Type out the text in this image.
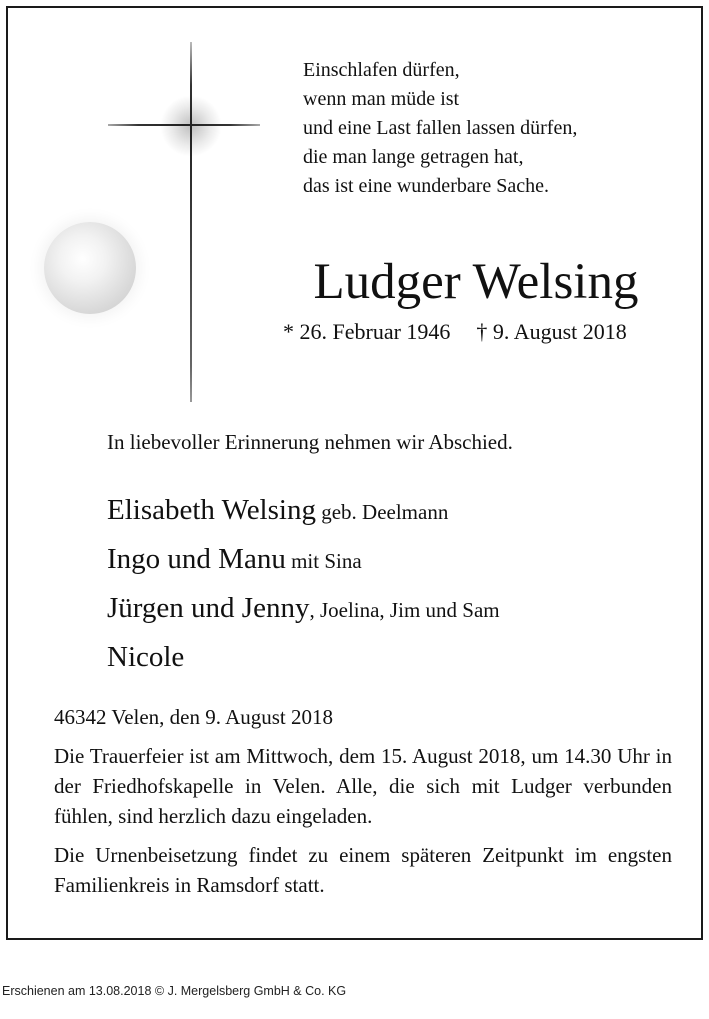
Einschlafen dürfen,
wenn man müde ist
und eine Last fallen lassen dürfen,
die man lange getragen hat,
das ist eine wunderbare Sache.
Ludger Welsing
* 26. Februar 1946 † 9. August 2018
In liebevoller Erinnerung nehmen wir Abschied.
Elisabeth Welsing geb. Deelmann
Ingo und Manu mit Sina
Jürgen und Jenny, Joelina, Jim und Sam
Nicole
46342 Velen, den 9. August 2018

Die Trauerfeier ist am Mittwoch, dem 15. August 2018, um 14.30 Uhr in der Friedhofskapelle in Velen. Alle, die sich mit Ludger verbunden fühlen, sind herzlich dazu eingeladen.

Die Urnenbeisetzung findet zu einem späteren Zeitpunkt im engsten Familienkreis in Ramsdorf statt.

Erschienen am 13.08.2018 © J. Mergelsberg GmbH & Co. KG
